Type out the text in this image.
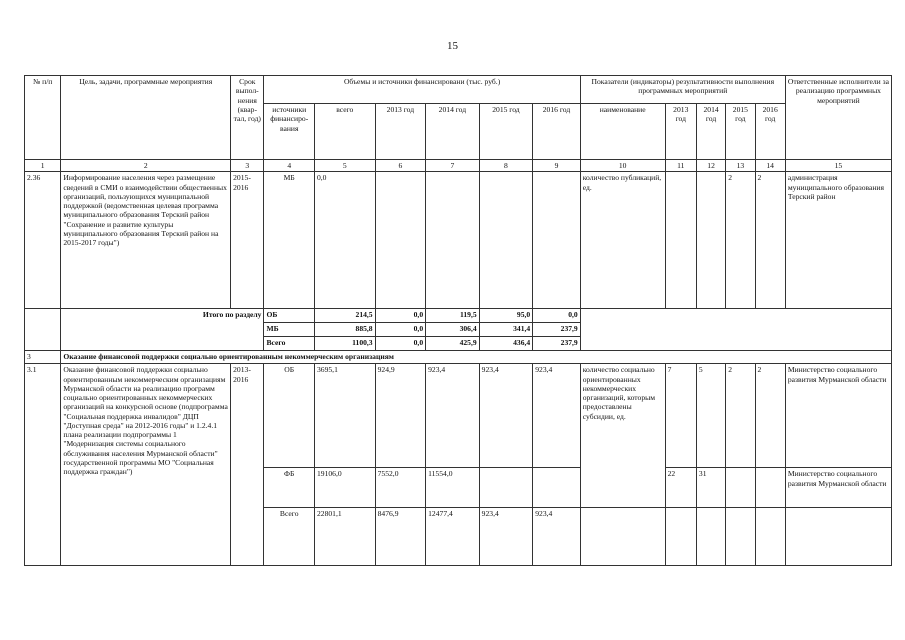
15
№ п/п	Цель, задачи, программные мероприятия	Срок выпол-нения (квар-тал, год)	Объемы и источники финансировани (тыс. руб.)						Показатели (индикаторы) результативности выполнения программных мероприятий					Ответственные исполнители за реализацию программных мероприятий
			источники финансиро-вания	всего	2013 год	2014 год	2015 год	2016 год	наименование	2013 год	2014 год	2015 год	2016 год	
1	2	3	4	5	6	7	8	9	10	11	12	13	14	15
2.36	Информирование населения через размещение сведений в СМИ о взаимодействии общественных организаций, пользующихся муниципальной поддержкой (ведомственная целевая программа муниципального образования Терский район "Сохранение и развитие культуры муниципального образования Терский район на 2015-2017 годы")	2015-2016	МБ	0,0					количество публикаций, ед.			2	2	администрация муниципального образования Терский район
	Итого по разделу		ОБ	214,5	0,0	119,5	95,0	0,0						
			МБ	885,8	0,0	306,4	341,4	237,9						
			Всего	1100,3	0,0	425,9	436,4	237,9						
3	Оказание финансовой поддержки социально ориентированным некоммерческим организациям													
3.1	Оказание финансовой поддержки социально ориентированным некоммерческим организациям Мурманской области на реализацию программ социально ориентированных некоммерческих организаций на конкурсной основе (подпрограмма "Социальная поддержка инвалидов" ДЦП "Доступная среда" на 2012-2016 годы" и 1.2.4.1 плана реализации подпрограммы 1 "Модернизация системы социального обслуживания населения Мурманской области" государственной программы МО "Социальная поддержка граждан")	2013-2016	ОБ	3695,1	924,9	923,4	923,4	923,4	количество социально ориентированных некоммерческих организаций, которым предоставлены субсидии, ед.	7	5	2	2	Министерство социального развития Мурманской области
			ФБ	19106,0	7552,0	11554,0				22	31			Министерство социального развития Мурманской области
			Всего	22801,1	8476,9	12477,4	923,4	923,4						
